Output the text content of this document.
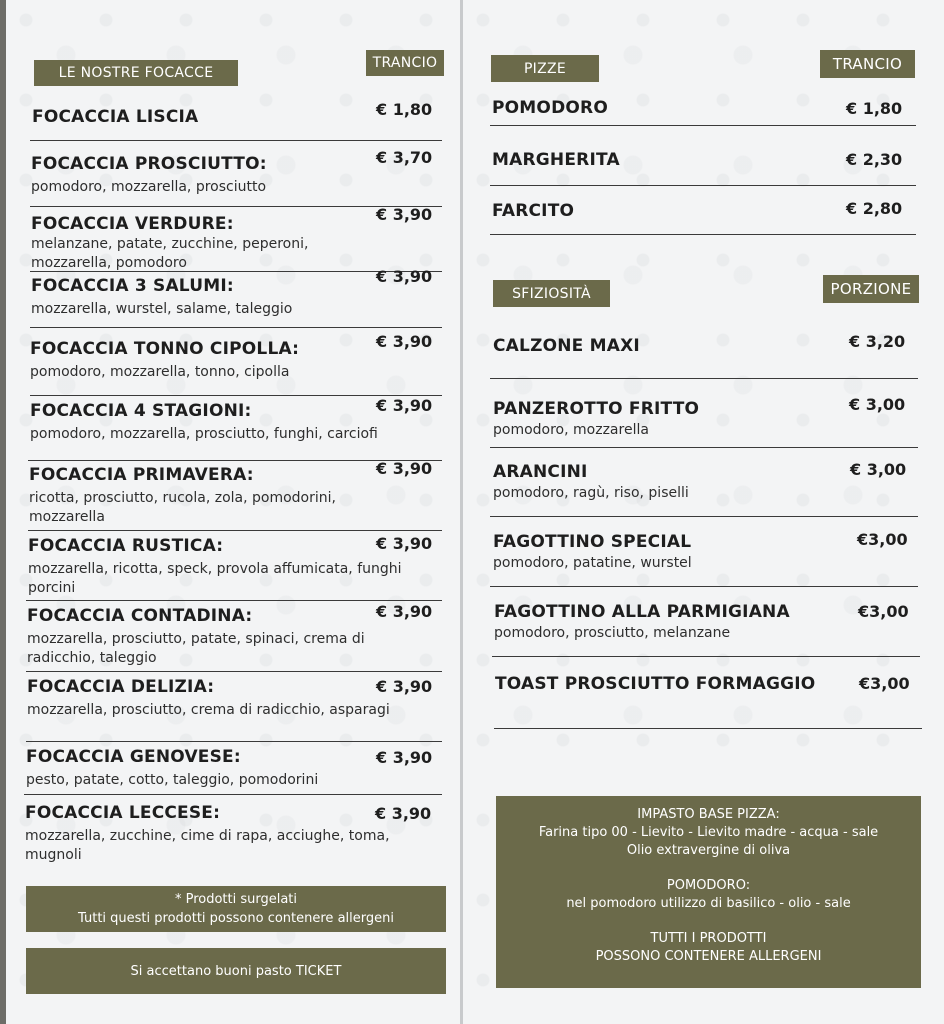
LE NOSTRE FOCACCE
TRANCIO
FOCACCIA LISCIA	€ 1,80
FOCACCIA PROSCIUTTO:	€ 3,70
pomodoro, mozzarella, prosciutto
FOCACCIA VERDURE:	€ 3,90
melanzane, patate, zucchine, peperoni, mozzarella, pomodoro
FOCACCIA 3 SALUMI:	€ 3,90
mozzarella, wurstel, salame, taleggio
FOCACCIA TONNO CIPOLLA:	€ 3,90
pomodoro, mozzarella, tonno, cipolla
FOCACCIA 4 STAGIONI:	€ 3,90
pomodoro, mozzarella, prosciutto, funghi, carciofi
FOCACCIA PRIMAVERA:	€ 3,90
ricotta, prosciutto, rucola, zola, pomodorini, mozzarella
FOCACCIA RUSTICA:	€ 3,90
mozzarella, ricotta, speck, provola affumicata, funghi porcini
FOCACCIA CONTADINA:	€ 3,90
mozzarella, prosciutto, patate, spinaci, crema di radicchio, taleggio
FOCACCIA DELIZIA:	€ 3,90
mozzarella, prosciutto, crema di radicchio, asparagi
FOCACCIA GENOVESE:	€ 3,90
pesto, patate, cotto, taleggio, pomodorini
FOCACCIA LECCESE:	€ 3,90
mozzarella, zucchine, cime di rapa, acciughe, toma, mugnoli
* Prodotti surgelati
Tutti questi prodotti possono contenere allergeni
Si accettano buoni pasto TICKET
PIZZE	TRANCIO
POMODORO	€ 1,80
MARGHERITA	€ 2,30
FARCITO	€ 2,80
SFIZIOSITÀ	PORZIONE
CALZONE MAXI	€ 3,20
PANZEROTTO FRITTO	€ 3,00
pomodoro, mozzarella
ARANCINI	€ 3,00
pomodoro, ragù, riso, piselli
FAGOTTINO SPECIAL	€3,00
pomodoro, patatine, wurstel
FAGOTTINO ALLA PARMIGIANA	€3,00
pomodoro, prosciutto, melanzane
TOAST PROSCIUTTO FORMAGGIO	€3,00
IMPASTO BASE PIZZA:
Farina tipo 00 - Lievito - Lievito madre - acqua - sale
Olio extravergine di oliva
POMODORO:
nel pomodoro utilizzo di basilico - olio - sale
TUTTI I PRODOTTI
POSSONO CONTENERE ALLERGENI
